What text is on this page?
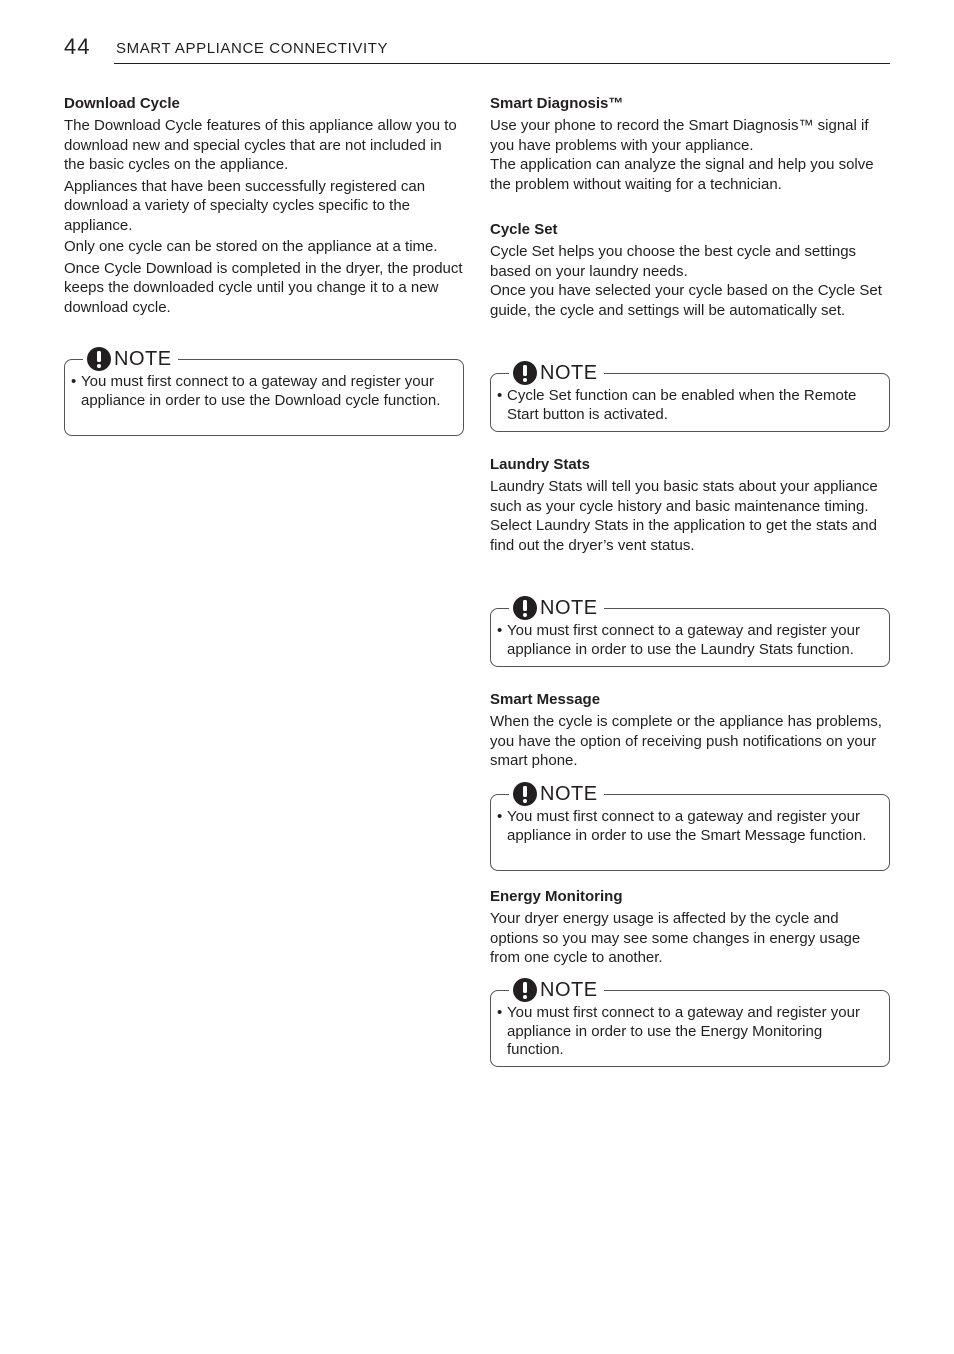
44 SMART APPLIANCE CONNECTIVITY

Download Cycle

The Download Cycle features of this appliance allow you to download new and special cycles that are not included in the basic cycles on the appliance.

Appliances that have been successfully registered can download a variety of specialty cycles specific to the appliance.

Only one cycle can be stored on the appliance at a time.

Once Cycle Download is completed in the dryer, the product keeps the downloaded cycle until you change it to a new download cycle.

NOTE
• You must first connect to a gateway and register your appliance in order to use the Download cycle function.

Smart Diagnosis™

Use your phone to record the Smart Diagnosis™ signal if you have problems with your appliance.

The application can analyze the signal and help you solve the problem without waiting for a technician.

Cycle Set

Cycle Set helps you choose the best cycle and settings based on your laundry needs.

Once you have selected your cycle based on the Cycle Set guide, the cycle and settings will be automatically set.

NOTE
• Cycle Set function can be enabled when the Remote Start button is activated.

Laundry Stats

Laundry Stats will tell you basic stats about your appliance such as your cycle history and basic maintenance timing.

Select Laundry Stats in the application to get the stats and find out the dryer’s vent status.

NOTE
• You must first connect to a gateway and register your appliance in order to use the Laundry Stats function.

Smart Message

When the cycle is complete or the appliance has problems, you have the option of receiving push notifications on your smart phone.

NOTE
• You must first connect to a gateway and register your appliance in order to use the Smart Message function.

Energy Monitoring

Your dryer energy usage is affected by the cycle and options so you may see some changes in energy usage from one cycle to another.

NOTE
• You must first connect to a gateway and register your appliance in order to use the Energy Monitoring function.
